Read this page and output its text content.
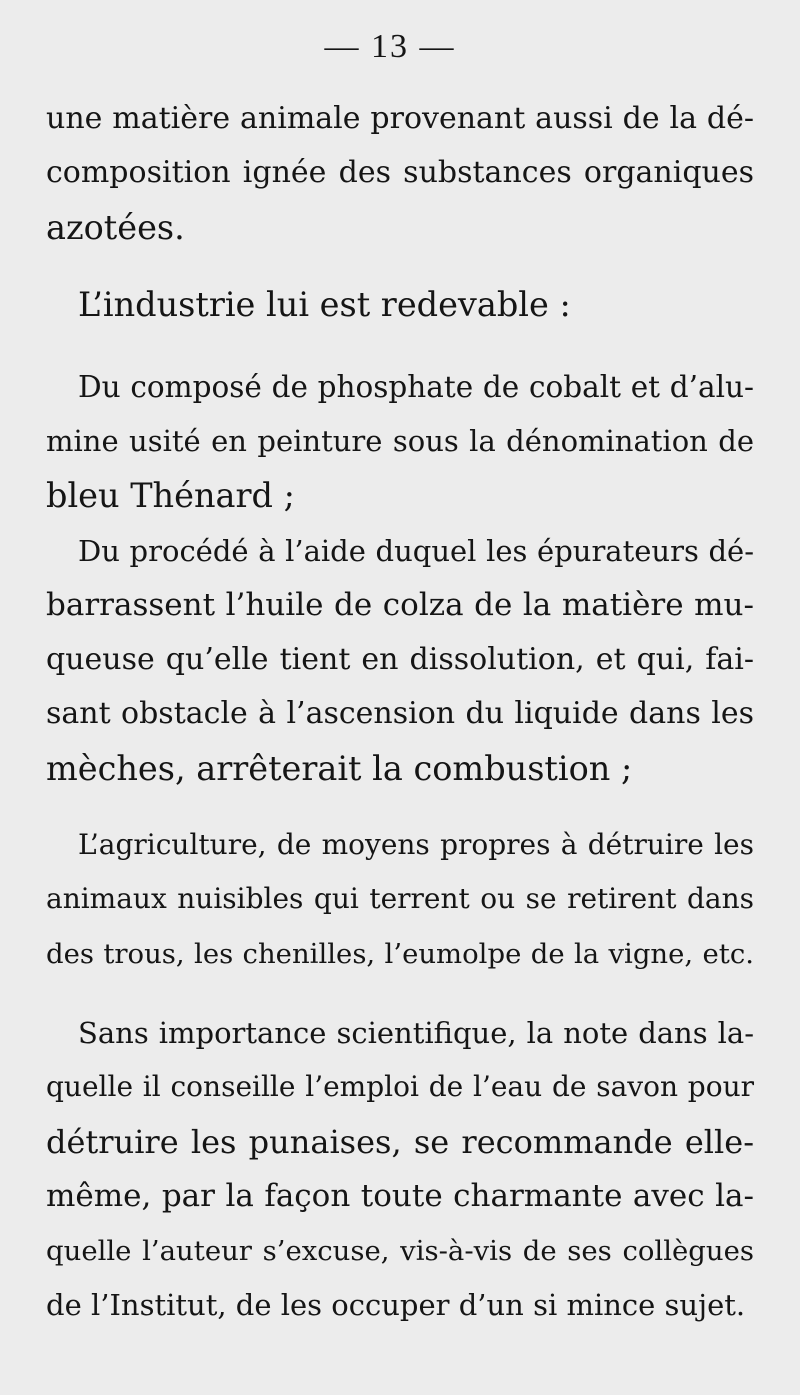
— 13 —
une matière animale provenant aussi de la dé-
composition ignée des substances organiques
azotées.
L’industrie lui est redevable :
Du composé de phosphate de cobalt et d’alu-
mine usité en peinture sous la dénomination de
bleu Thénard ;
Du procédé à l’aide duquel les épurateurs dé-
barrassent l’huile de colza de la matière mu-
queuse qu’elle tient en dissolution, et qui, fai-
sant obstacle à l’ascension du liquide dans les
mèches, arrêterait la combustion ;
L’agriculture, de moyens propres à détruire les
animaux nuisibles qui terrent ou se retirent dans
des trous, les chenilles, l’eumolpe de la vigne, etc.
Sans importance scientifique, la note dans la-
quelle il conseille l’emploi de l’eau de savon pour
détruire les punaises, se recommande elle-
même, par la façon toute charmante avec la-
quelle l’auteur s’excuse, vis-à-vis de ses collègues
de l’Institut, de les occuper d’un si mince sujet.
